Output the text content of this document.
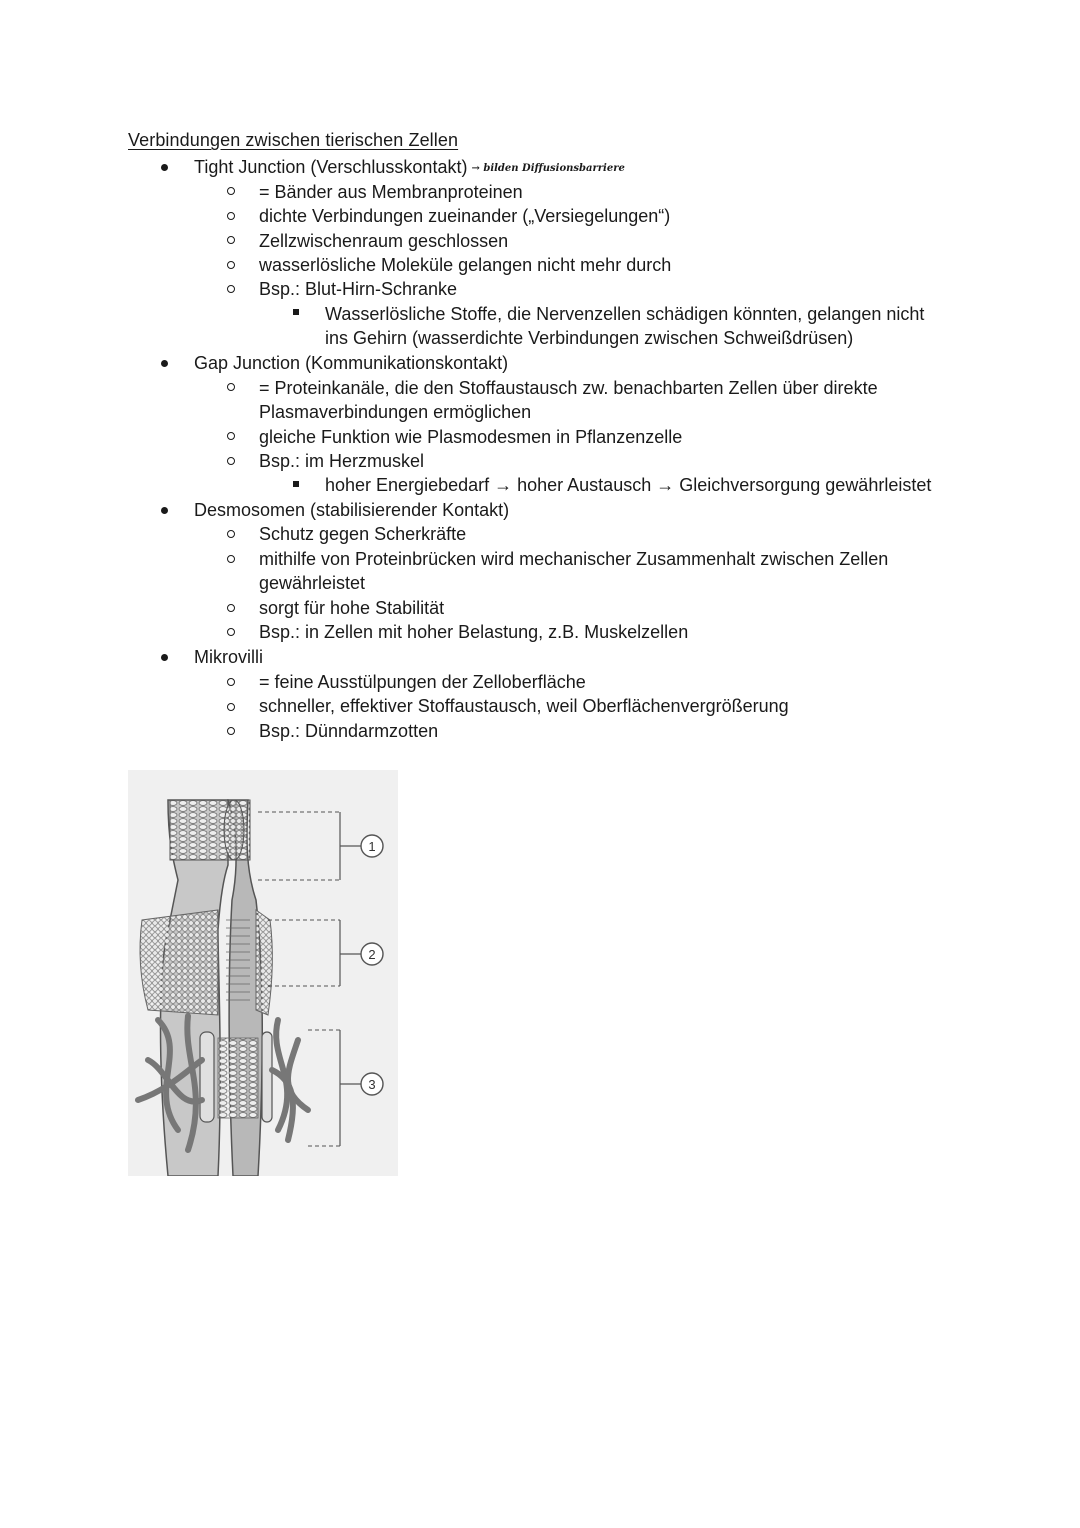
Verbindungen zwischen tierischen Zellen
Tight Junction (Verschlusskontakt) → bilden Diffusionsbarriere
= Bänder aus Membranproteinen
dichte Verbindungen zueinander („Versiegelungen“)
Zellzwischenraum geschlossen
wasserlösliche Moleküle gelangen nicht mehr durch
Bsp.: Blut-Hirn-Schranke
Wasserlösliche Stoffe, die Nervenzellen schädigen könnten, gelangen nicht
ins Gehirn (wasserdichte Verbindungen zwischen Schweißdrüsen)
Gap Junction (Kommunikationskontakt)
= Proteinkanäle, die den Stoffaustausch zw. benachbarten Zellen über direkte
Plasmaverbindungen ermöglichen
gleiche Funktion wie Plasmodesmen in Pflanzenzelle
Bsp.: im Herzmuskel
hoher Energiebedarf → hoher Austausch → Gleichversorgung gewährleistet
Desmosomen (stabilisierender Kontakt)
Schutz gegen Scherkräfte
mithilfe von Proteinbrücken wird mechanischer Zusammenhalt zwischen Zellen
gewährleistet
sorgt für hohe Stabilität
Bsp.: in Zellen mit hoher Belastung, z.B. Muskelzellen
Mikrovilli
= feine Ausstülpungen der Zelloberfläche
schneller, effektiver Stoffaustausch, weil Oberflächenvergrößerung
Bsp.: Dünndarmzotten
1
2
3
